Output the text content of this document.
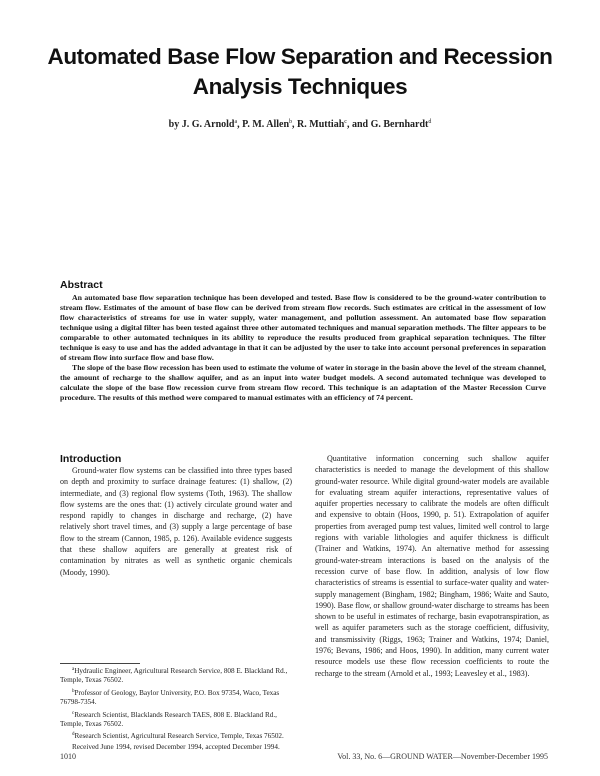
Automated Base Flow Separation and Recession Analysis Techniques
by J. G. Arnold$^a$, P. M. Allen$^b$, R. Muttiah$^c$, and G. Bernhardt$^d$
Abstract

An automated base flow separation technique has been developed and tested. Base flow is considered to be the ground-water contribution to stream flow. Estimates of the amount of base flow can be derived from stream flow records. Such estimates are critical in the assessment of low flow characteristics of streams for use in water supply, water management, and pollution assessment. An automated base flow separation technique using a digital filter has been tested against three other automated techniques and manual separation methods. The filter appears to be comparable to other automated techniques in its ability to reproduce the results produced from graphical separation techniques. The filter technique is easy to use and has the added advantage in that it can be adjusted by the user to take into account personal preferences in separation of stream flow into surface flow and base flow.

The slope of the base flow recession has been used to estimate the volume of water in storage in the basin above the level of the stream channel, the amount of recharge to the shallow aquifer, and as an input into water budget models. A second automated technique was developed to calculate the slope of the base flow recession curve from stream flow record. This technique is an adaptation of the Master Recession Curve procedure. The results of this method were compared to manual estimates with an efficiency of 74 percent.

Introduction

Ground-water flow systems can be classified into three types based on depth and proximity to surface drainage features: (1) shallow, (2) intermediate, and (3) regional flow systems (Toth, 1963). The shallow flow systems are the ones that: (1) actively circulate ground water and respond rapidly to changes in discharge and recharge, (2) have relatively short travel times, and (3) supply a large percentage of base flow to the stream (Cannon, 1985, p. 126). Available evidence suggests that these shallow aquifers are generally at greatest risk of contamination by nitrates as well as synthetic organic chemicals (Moody, 1990).

Quantitative information concerning such shallow aquifer characteristics is needed to manage the development of this shallow ground-water resource. While digital ground-water models are available for evaluating stream aquifer interactions, representative values of aquifer properties necessary to calibrate the models are often difficult and expensive to obtain (Hoos, 1990, p. 51). Extrapolation of aquifer properties from averaged pump test values, limited well control to large regions with variable lithologies and aquifer thickness is difficult (Trainer and Watkins, 1974). An alternative method for assessing ground-water-stream interactions is based on the analysis of the recession curve of base flow. In addition, analysis of low flow characteristics of streams is essential to surface-water quality and water-supply management (Bingham, 1982; Bingham, 1986; Waite and Sauto, 1990). Base flow, or shallow ground-water discharge to streams has been shown to be useful in estimates of recharge, basin evapotranspiration, as well as aquifer parameters such as the storage coefficient, diffusivity, and transmissivity (Riggs, 1963; Trainer and Watkins, 1974; Daniel, 1976; Bevans, 1986; and Hoos, 1990). In addition, many current water resource models use these flow recession coefficients to route the recharge to the stream (Arnold et al., 1993; Leavesley et al., 1983).

$^a$Hydraulic Engineer, Agricultural Research Service, 808 E. Blackland Rd., Temple, Texas 76502.

$^b$Professor of Geology, Baylor University, P.O. Box 97354, Waco, Texas 76798-7354.

$^c$Research Scientist, Blacklands Research TAES, 808 E. Blackland Rd., Temple, Texas 76502.

$^d$Research Scientist, Agricultural Research Service, Temple, Texas 76502.

Received June 1994, revised December 1994, accepted December 1994.

1010	Vol. 33, No. 6—GROUND WATER—November-December 1995
